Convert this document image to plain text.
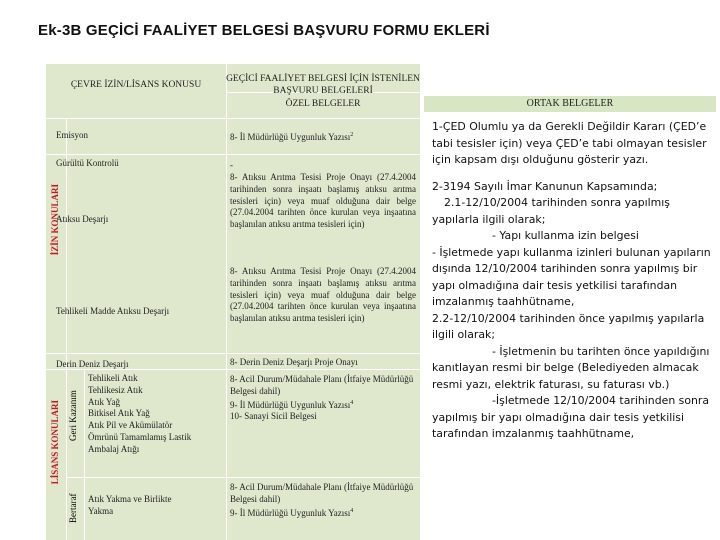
Ek-3B GEÇİCİ FAALİYET BELGESİ BAŞVURU FORMU EKLERİ
ÇEVRE İZİN/LİSANS KONUSU
GEÇİCİ FAALİYET BELGESİ İÇİN İSTENİLEN BAŞVURU BELGELERİ
ÖZEL BELGELER
İZİN KONULARI
LİSANS KONULARI Geri Kazanım
Bertaraf
Emisyon
Gürültü Kontrolü
Atıksu Deşarjı
Tehlikeli Madde Atıksu Deşarjı
Derin Deniz Deşarjı
Tehlikeli Atık
Tehlikesiz Atık
Atık Yağ
Bitkisel Atık Yağ
Atık Pil ve Akümülatör
Ömrünü Tamamlamış Lastik
Ambalaj Atığı
Atık Yakma ve Birlikte Yakma
8- İl Müdürlüğü Uygunluk Yazısı$^2$
-
8- Atıksu Arıtma Tesisi Proje Onayı (27.4.2004 tarihinden sonra inşaatı başlamış atıksu arıtma tesisleri için) veya muaf olduğuna dair belge (27.04.2004 tarihten önce kurulan veya inşaatına başlanılan atıksu arıtma tesisleri için)
8- Atıksu Arıtma Tesisi Proje Onayı (27.4.2004 tarihinden sonra inşaatı başlamış atıksu arıtma tesisleri için) veya muaf olduğuna dair belge (27.04.2004 tarihten önce kurulan veya inşaatına başlanılan atıksu arıtma tesisleri için)
8- Derin Deniz Deşarjı Proje Onayı
8- Acil Durum/Müdahale Planı (İtfaiye Müdürlüğü Belgesi dahil)
9- İl Müdürlüğü Uygunluk Yazısı$^4$
10- Sanayi Sicil Belgesi
8- Acil Durum/Müdahale Planı (İtfaiye Müdürlüğü Belgesi dahil)
9- İl Müdürlüğü Uygunluk Yazısı$^4$
ORTAK BELGELER

1-ÇED Olumlu ya da Gerekli Değildir Kararı (ÇED’e tabi tesisler için) veya ÇED’e tabi olmayan tesisler için kapsam dışı olduğunu gösterir yazı.

2-3194 Sayılı İmar Kanunun Kapsamında;

2.1-12/10/2004 tarihinden sonra yapılmış yapılarla ilgili olarak;

- Yapı kullanma izin belgesi

- İşletmede yapı kullanma izinleri bulunan yapıların dışında 12/10/2004 tarihinden sonra yapılmış bir yapı olmadığına dair tesis yetkilisi tarafından imzalanmış taahhütname,

2.2-12/10/2004 tarihinden önce yapılmış yapılarla ilgili olarak;

- İşletmenin bu tarihten önce yapıldığını kanıtlayan resmi bir belge (Belediyeden almacak resmi yazı, elektrik faturası, su faturası vb.)

-İşletmede 12/10/2004 tarihinden sonra yapılmış bir yapı olmadığına dair tesis yetkilisi tarafından imzalanmış taahhütname,
